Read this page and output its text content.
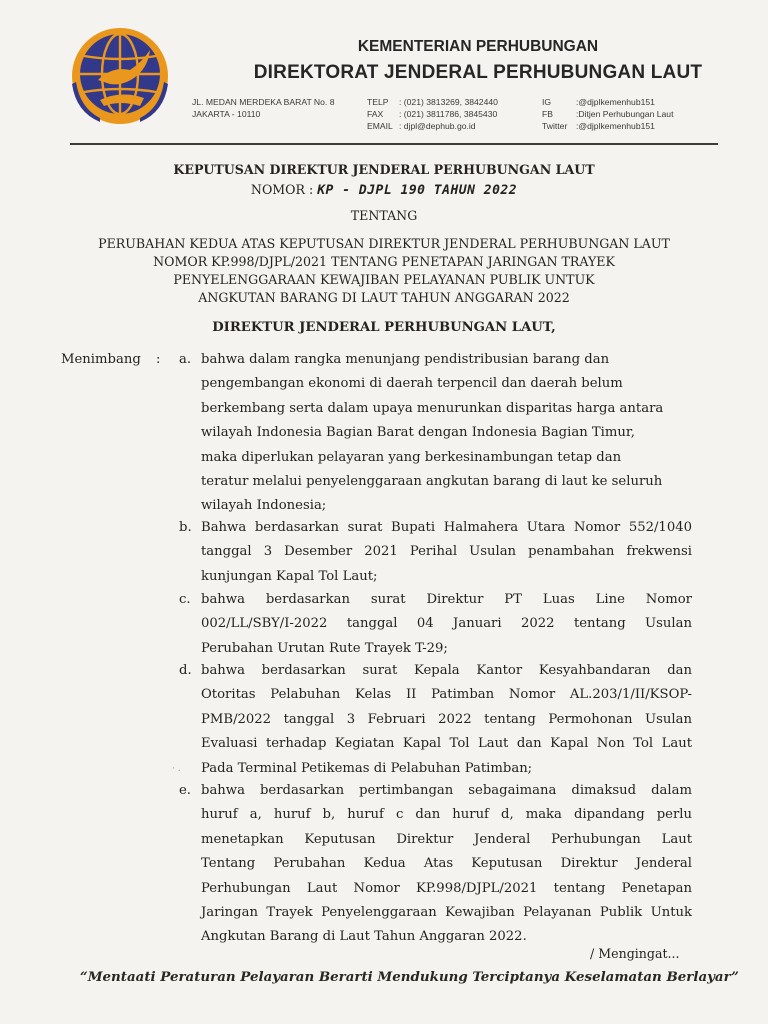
KEMENTERIAN PERHUBUNGAN
DIREKTORAT JENDERAL PERHUBUNGAN LAUT
JL. MEDAN MERDEKA BARAT No. 8
JAKARTA - 10110
TELP : (021) 3813269, 3842440
FAX : (021) 3811786, 3845430
EMAIL : djpl@dephub.go.id
IG	:@djplkemenhub151
FB	:Ditjen Perhubungan Laut
Twitter :@djplkemenhub151
KEPUTUSAN DIREKTUR JENDERAL PERHUBUNGAN LAUT
NOMOR : KP - DJPL 190 TAHUN 2022
TENTANG
PERUBAHAN KEDUA ATAS KEPUTUSAN DIREKTUR JENDERAL PERHUBUNGAN LAUT
NOMOR KP.998/DJPL/2021 TENTANG PENETAPAN JARINGAN TRAYEK
PENYELENGGARAAN KEWAJIBAN PELAYANAN PUBLIK UNTUK
ANGKUTAN BARANG DI LAUT TAHUN ANGGARAN 2022
DIREKTUR JENDERAL PERHUBUNGAN LAUT,
Menimbang : a. bahwa dalam rangka menunjang pendistribusian barang dan
pengembangan ekonomi di daerah terpencil dan daerah belum
berkembang serta dalam upaya menurunkan disparitas harga antara
wilayah Indonesia Bagian Barat dengan Indonesia Bagian Timur,
maka diperlukan pelayaran yang berkesinambungan tetap dan
teratur melalui penyelenggaraan angkutan barang di laut ke seluruh
wilayah Indonesia;
b. Bahwa berdasarkan surat Bupati Halmahera Utara Nomor 552/1040
tanggal 3 Desember 2021 Perihal Usulan penambahan frekwensi
kunjungan Kapal Tol Laut;
c. bahwa berdasarkan surat Direktur PT Luas Line Nomor
002/LL/SBY/I-2022 tanggal 04 Januari 2022 tentang Usulan
Perubahan Urutan Rute Trayek T-29;
d. bahwa berdasarkan surat Kepala Kantor Kesyahbandaran dan
Otoritas Pelabuhan Kelas II Patimban Nomor AL.203/1/II/KSOP-
PMB/2022 tanggal 3 Februari 2022 tentang Permohonan Usulan
Evaluasi terhadap Kegiatan Kapal Tol Laut dan Kapal Non Tol Laut
Pada Terminal Petikemas di Pelabuhan Patimban;
· .
e. bahwa berdasarkan pertimbangan sebagaimana dimaksud dalam
huruf a, huruf b, huruf c dan huruf d, maka dipandang perlu
menetapkan Keputusan Direktur Jenderal Perhubungan Laut
Tentang Perubahan Kedua Atas Keputusan Direktur Jenderal
Perhubungan Laut Nomor KP.998/DJPL/2021 tentang Penetapan
Jaringan Trayek Penyelenggaraan Kewajiban Pelayanan Publik Untuk
Angkutan Barang di Laut Tahun Anggaran 2022.
/ Mengingat...
“Mentaati Peraturan Pelayaran Berarti Mendukung Terciptanya Keselamatan Berlayar”
